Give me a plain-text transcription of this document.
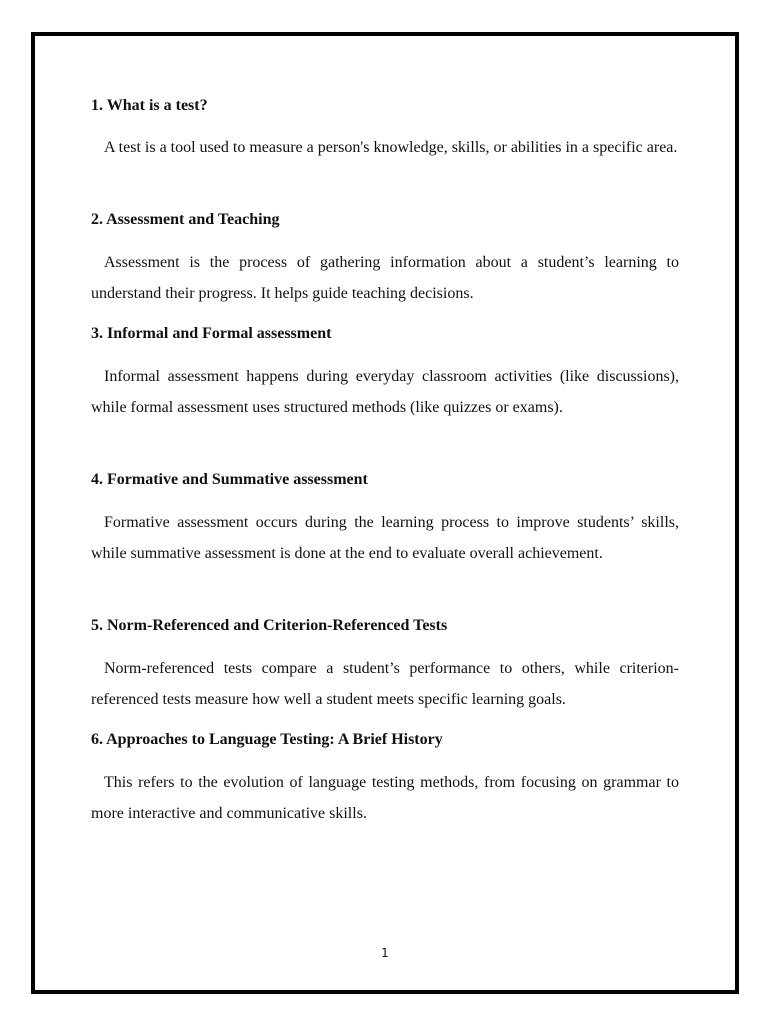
1. What is a test?

A test is a tool used to measure a person's knowledge, skills, or abilities in a specific area.

2. Assessment and Teaching

Assessment is the process of gathering information about a student’s learning to understand their progress. It helps guide teaching decisions.

3. Informal and Formal assessment

Informal assessment happens during everyday classroom activities (like discussions), while formal assessment uses structured methods (like quizzes or exams).

4. Formative and Summative assessment

Formative assessment occurs during the learning process to improve students’ skills, while summative assessment is done at the end to evaluate overall achievement.

5. Norm-Referenced and Criterion-Referenced Tests

Norm-referenced tests compare a student’s performance to others, while criterion-referenced tests measure how well a student meets specific learning goals.

6. Approaches to Language Testing: A Brief History

This refers to the evolution of language testing methods, from focusing on grammar to more interactive and communicative skills.

1
